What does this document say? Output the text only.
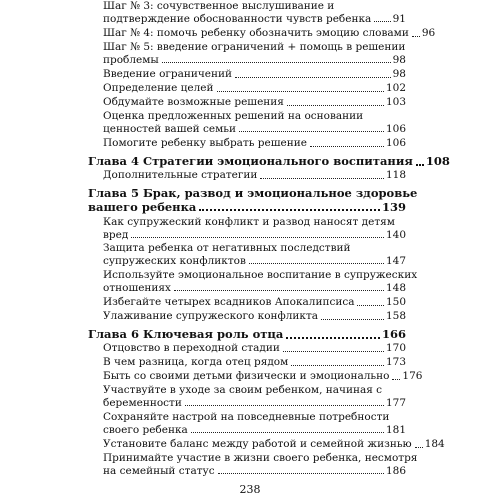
Шаг № 3: сочувственное выслушивание и
подтверждение обоснованности чувств ребенка 91
Шаг № 4: помочь ребенку обозначить эмоцию словами 96
Шаг № 5: введение ограничений + помощь в решении
проблемы	98
Введение ограничений	98
Определение целей	102
Обдумайте возможные решения	103
Оценка предложенных решений на основании
ценностей вашей семьи	106
Помогите ребенку выбрать решение	106
Глава 4 Стратегии эмоционального воспитания 108
Дополнительные стратегии	118
Глава 5 Брак, развод и эмоциональное здоровье
вашего ребенка	139
Как супружеский конфликт и развод наносят детям
вред	140
Защита ребенка от негативных последствий
супружеских конфликтов	147
Используйте эмоциональное воспитание в супружеских
отношениях	148
Избегайте четырех всадников Апокалипсиса	150
Улаживание супружеского конфликта	158
Глава 6 Ключевая роль отца	166
Отцовство в переходной стадии	170
В чем разница, когда отец рядом	173
Быть со своими детьми физически и эмоционально 176
Участвуйте в уходе за своим ребенком, начиная с
беременности	177
Сохраняйте настрой на повседневные потребности
своего ребенка	181
Установите баланс между работой и семейной жизнью 184
Принимайте участие в жизни своего ребенка, несмотря
на семейный статус	186
238
